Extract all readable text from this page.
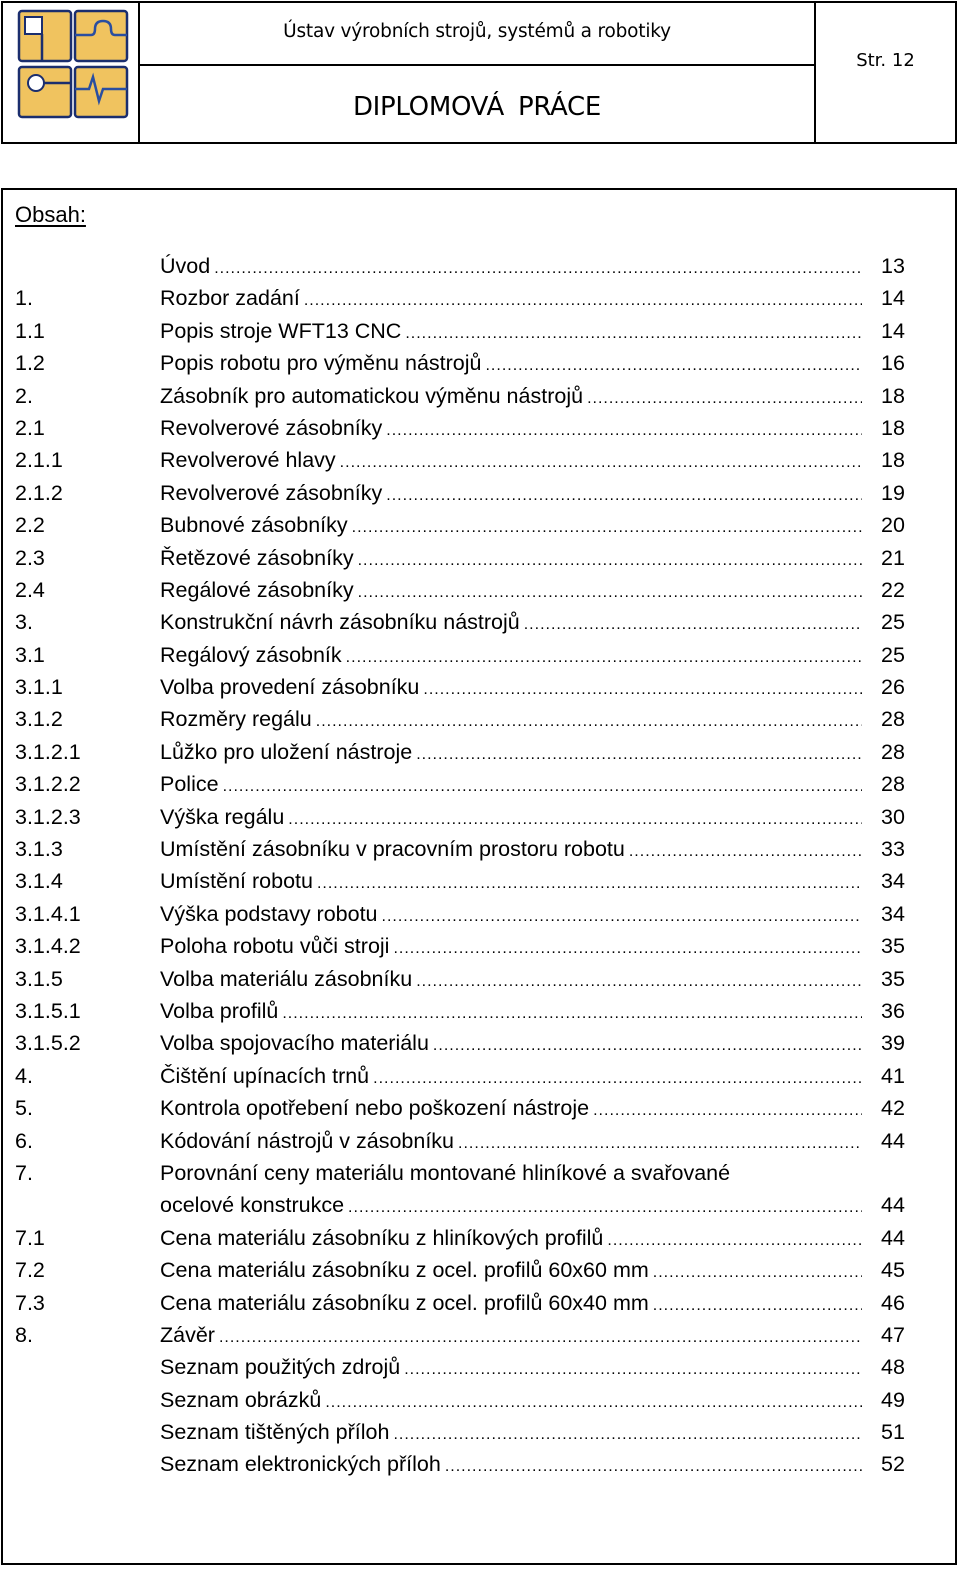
Ústav výrobních strojů, systémů a robotiky
DIPLOMOVÁ PRÁCE
Str. 12
Obsah:
Úvod .....	13
1.	Rozbor zadání .....	14
1.1	Popis stroje WFT13 CNC .....	14
1.2	Popis robotu pro výměnu nástrojů .....	16
2.	Zásobník pro automatickou výměnu nástrojů .....	18
2.1	Revolverové zásobníky .....	18
2.1.1	Revolverové hlavy .....	18
2.1.2	Revolverové zásobníky .....	19
2.2	Bubnové zásobníky .....	20
2.3	Řetězové zásobníky .....	21
2.4	Regálové zásobníky .....	22
3.	Konstrukční návrh zásobníku nástrojů .....	25
3.1	Regálový zásobník .....	25
3.1.1	Volba provedení zásobníku .....	26
3.1.2	Rozměry regálu .....	28
3.1.2.1	Lůžko pro uložení nástroje .....	28
3.1.2.2	Police .....	28
3.1.2.3	Výška regálu .....	30
3.1.3	Umístění zásobníku v pracovním prostoru robotu .....	33
3.1.4	Umístění robotu .....	34
3.1.4.1	Výška podstavy robotu .....	34
3.1.4.2	Poloha robotu vůči stroji .....	35
3.1.5	Volba materiálu zásobníku .....	35
3.1.5.1	Volba profilů .....	36
3.1.5.2	Volba spojovacího materiálu .....	39
4.	Čištění upínacích trnů .....	41
5.	Kontrola opotřebení nebo poškození nástroje .....	42
6.	Kódování nástrojů v zásobníku .....	44
7.	Porovnání ceny materiálu montované hliníkové a svařované
ocelové konstrukce .....	44
7.1	Cena materiálu zásobníku z hliníkových profilů .....	44
7.2	Cena materiálu zásobníku z ocel. profilů 60x60 mm .....	45
7.3	Cena materiálu zásobníku z ocel. profilů 60x40 mm .....	46
8.	Závěr .....	47
Seznam použitých zdrojů .....	48
Seznam obrázků .....	49
Seznam tištěných příloh .....	51
Seznam elektronických příloh .....	52
